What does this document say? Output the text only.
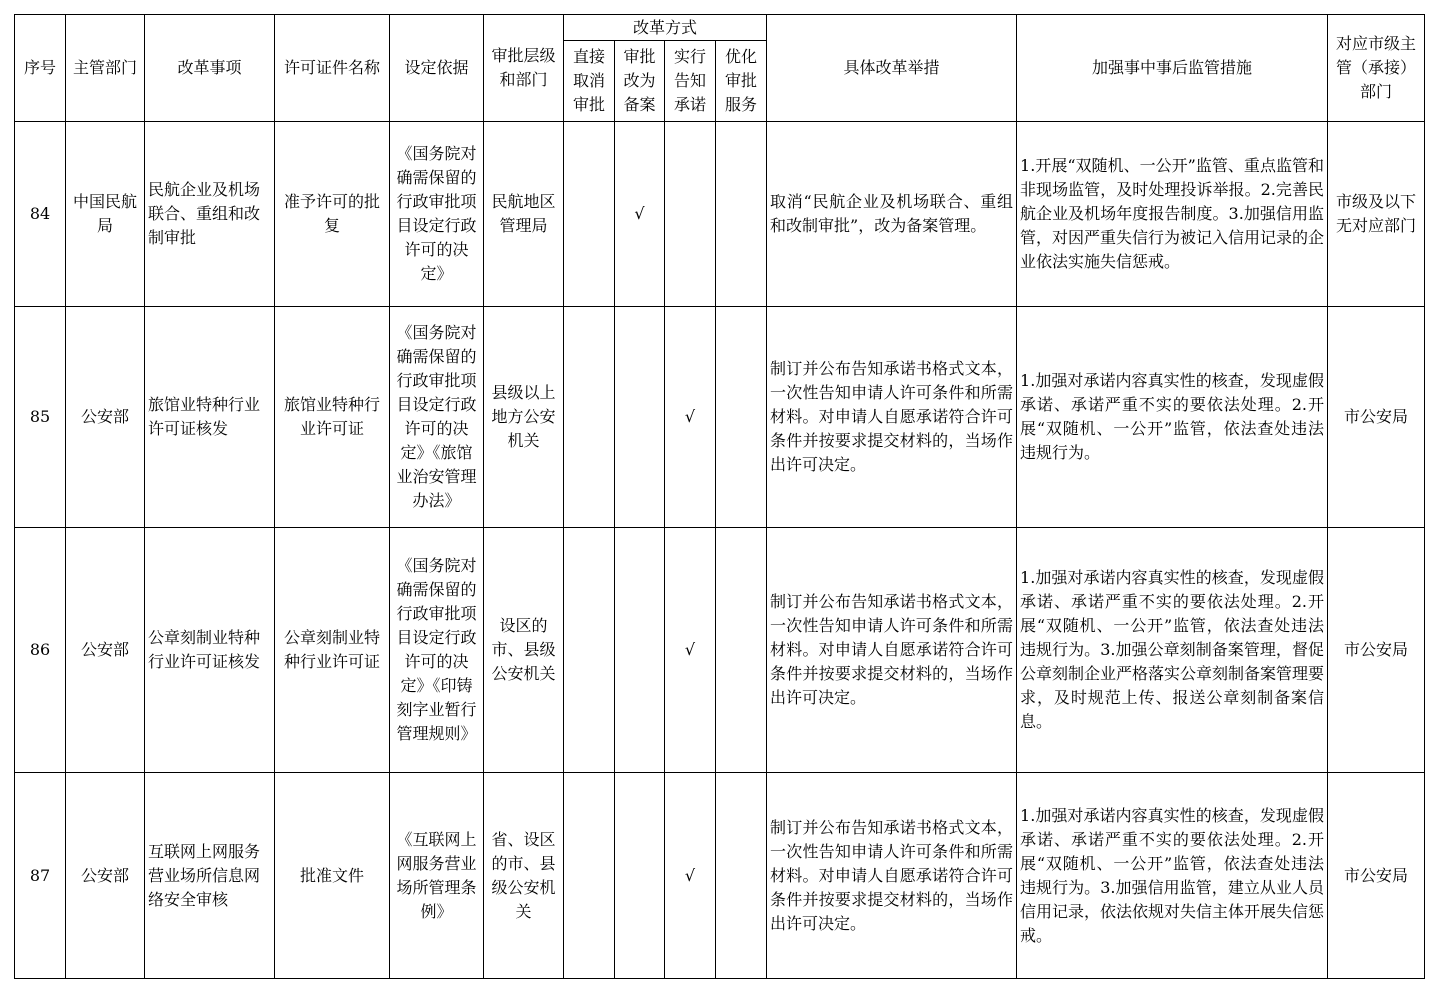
序号	主管部门	改革事项	许可证件名称	设定依据	审批层级和部门	改革方式				具体改革举措	加强事中事后监管措施	对应市级主管（承接）部门
						直接取消审批	审批改为备案	实行告知承诺	优化审批服务			
84	中国民航局	民航企业及机场联合、重组和改制审批	准予许可的批复	《国务院对确需保留的行政审批项目设定行政许可的决定》	民航地区管理局		√			取消“民航企业及机场联合、重组和改制审批”，改为备案管理。	1.开展“双随机、一公开”监管、重点监管和非现场监管，及时处理投诉举报。2.完善民航企业及机场年度报告制度。3.加强信用监管，对因严重失信行为被记入信用记录的企业依法实施失信惩戒。	市级及以下无对应部门
85	公安部	旅馆业特种行业许可证核发	旅馆业特种行业许可证	《国务院对确需保留的行政审批项目设定行政许可的决定》《旅馆业治安管理办法》	县级以上地方公安机关			√		制订并公布告知承诺书格式文本，一次性告知申请人许可条件和所需材料。对申请人自愿承诺符合许可条件并按要求提交材料的，当场作出许可决定。	1.加强对承诺内容真实性的核查，发现虚假承诺、承诺严重不实的要依法处理。2.开展“双随机、一公开”监管，依法查处违法违规行为。	市公安局
86	公安部	公章刻制业特种行业许可证核发	公章刻制业特种行业许可证	《国务院对确需保留的行政审批项目设定行政许可的决定》《印铸刻字业暂行管理规则》	设区的市、县级公安机关			√		制订并公布告知承诺书格式文本，一次性告知申请人许可条件和所需材料。对申请人自愿承诺符合许可条件并按要求提交材料的，当场作出许可决定。	1.加强对承诺内容真实性的核查，发现虚假承诺、承诺严重不实的要依法处理。2.开展“双随机、一公开”监管，依法查处违法违规行为。3.加强公章刻制备案管理，督促公章刻制企业严格落实公章刻制备案管理要求，及时规范上传、报送公章刻制备案信息。	市公安局
87	公安部	互联网上网服务营业场所信息网络安全审核	批准文件	《互联网上网服务营业场所管理条例》	省、设区的市、县级公安机关			√		制订并公布告知承诺书格式文本，一次性告知申请人许可条件和所需材料。对申请人自愿承诺符合许可条件并按要求提交材料的，当场作出许可决定。	1.加强对承诺内容真实性的核查，发现虚假承诺、承诺严重不实的要依法处理。2.开展“双随机、一公开”监管，依法查处违法违规行为。3.加强信用监管，建立从业人员信用记录，依法依规对失信主体开展失信惩戒。	市公安局
